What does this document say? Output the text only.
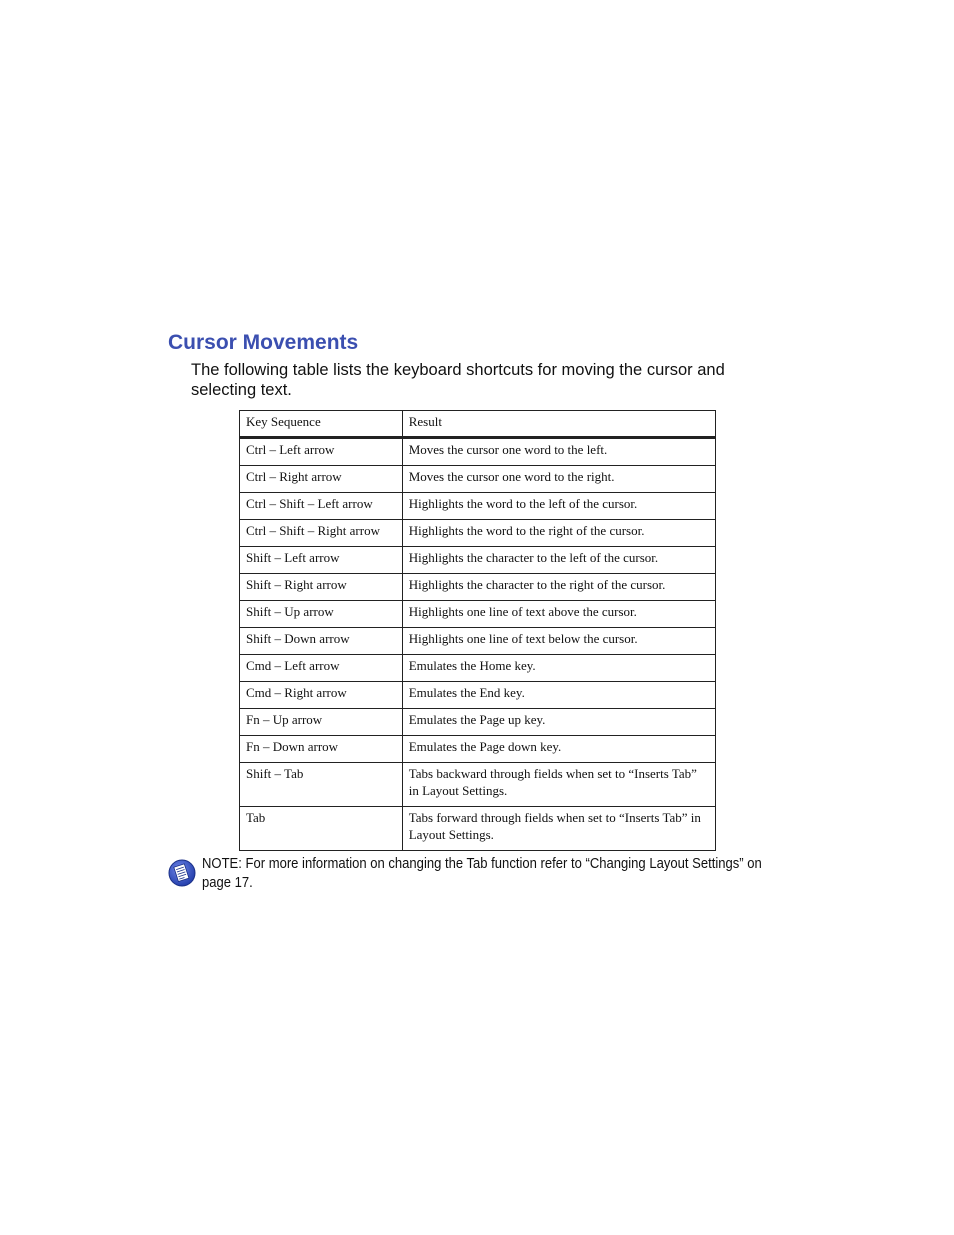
Cursor Movements

The following table lists the keyboard shortcuts for moving the cursor and selecting text.

Key Sequence	Result
Ctrl – Left arrow	Moves the cursor one word to the left.
Ctrl – Right arrow	Moves the cursor one word to the right.
Ctrl – Shift – Left arrow	Highlights the word to the left of the cursor.
Ctrl – Shift – Right arrow	Highlights the word to the right of the cursor.
Shift – Left arrow	Highlights the character to the left of the cursor.
Shift – Right arrow	Highlights the character to the right of the cursor.
Shift – Up arrow	Highlights one line of text above the cursor.
Shift – Down arrow	Highlights one line of text below the cursor.
Cmd – Left arrow	Emulates the Home key.
Cmd – Right arrow	Emulates the End key.
Fn – Up arrow	Emulates the Page up key.
Fn – Down arrow	Emulates the Page down key.
Shift – Tab	Tabs backward through fields when set to “Inserts Tab” in Layout Settings.
Tab	Tabs forward through fields when set to “Inserts Tab” in Layout Settings.

NOTE: For more information on changing the Tab function refer to “Changing Layout Settings” on page 17.
